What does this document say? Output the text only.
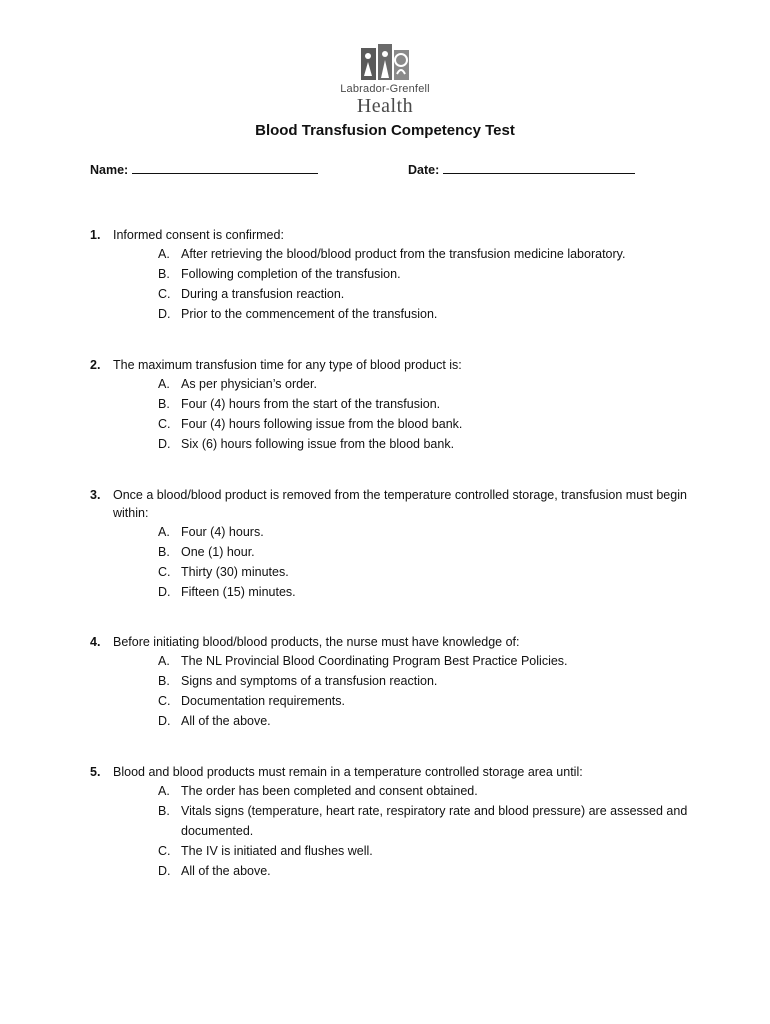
Labrador-Grenfell
Health
Blood Transfusion Competency Test
Name:	Date:
1. Informed consent is confirmed:
A. After retrieving the blood/blood product from the transfusion medicine laboratory.
B. Following completion of the transfusion.
C. During a transfusion reaction.
D. Prior to the commencement of the transfusion.
2. The maximum transfusion time for any type of blood product is:
A. As per physician’s order.
B. Four (4) hours from the start of the transfusion.
C. Four (4) hours following issue from the blood bank.
D. Six (6) hours following issue from the blood bank.
3. Once a blood/blood product is removed from the temperature controlled storage, transfusion must begin within:
A. Four (4) hours.
B. One (1) hour.
C. Thirty (30) minutes.
D. Fifteen (15) minutes.
4. Before initiating blood/blood products, the nurse must have knowledge of:
A. The NL Provincial Blood Coordinating Program Best Practice Policies.
B. Signs and symptoms of a transfusion reaction.
C. Documentation requirements.
D. All of the above.
5. Blood and blood products must remain in a temperature controlled storage area until:
A. The order has been completed and consent obtained.
B. Vitals signs (temperature, heart rate, respiratory rate and blood pressure) are assessed and documented.
C. The IV is initiated and flushes well.
D. All of the above.
